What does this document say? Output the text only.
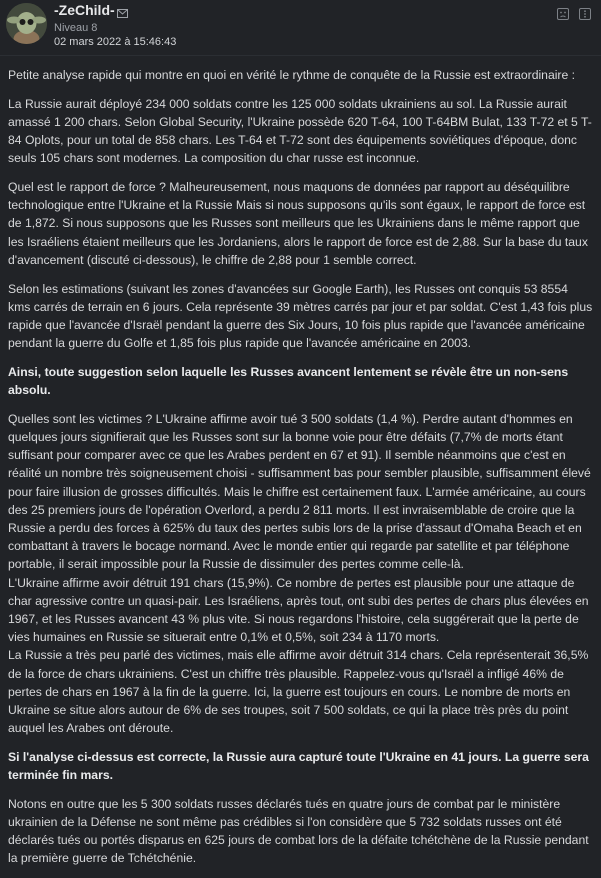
-ZeChild-
Niveau 8
02 mars 2022 à 15:46:43

Petite analyse rapide qui montre en quoi en vérité le rythme de conquête de la Russie est extraordinaire :

La Russie aurait déployé 234 000 soldats contre les 125 000 soldats ukrainiens au sol. La Russie aurait amassé 1 200 chars. Selon Global Security, l'Ukraine possède 620 T-64, 100 T-64BM Bulat, 133 T-72 et 5 T-84 Oplots, pour un total de 858 chars. Les T-64 et T-72 sont des équipements soviétiques d'époque, donc seuls 105 chars sont modernes. La composition du char russe est inconnue.

Quel est le rapport de force ? Malheureusement, nous maquons de données par rapport au déséquilibre technologique entre l'Ukraine et la Russie Mais si nous supposons qu'ils sont égaux, le rapport de force est de 1,872. Si nous supposons que les Russes sont meilleurs que les Ukrainiens dans le même rapport que les Israéliens étaient meilleurs que les Jordaniens, alors le rapport de force est de 2,88. Sur la base du taux d'avancement (discuté ci-dessous), le chiffre de 2,88 pour 1 semble correct.

Selon les estimations (suivant les zones d'avancées sur Google Earth), les Russes ont conquis 53 8554 kms carrés de terrain en 6 jours. Cela représente 39 mètres carrés par jour et par soldat. C'est 1,43 fois plus rapide que l'avancée d'Israël pendant la guerre des Six Jours, 10 fois plus rapide que l'avancée américaine pendant la guerre du Golfe et 1,85 fois plus rapide que l'avancée américaine en 2003.

Ainsi, toute suggestion selon laquelle les Russes avancent lentement se révèle être un non-sens absolu.

Quelles sont les victimes ? L'Ukraine affirme avoir tué 3 500 soldats (1,4 %). Perdre autant d'hommes en quelques jours signifierait que les Russes sont sur la bonne voie pour être défaits (7,7% de morts étant suffisant pour comparer avec ce que les Arabes perdent en 67 et 91). Il semble néanmoins que c'est en réalité un nombre très soigneusement choisi - suffisamment bas pour sembler plausible, suffisamment élevé pour faire illusion de grosses difficultés. Mais le chiffre est certainement faux. L'armée américaine, au cours des 25 premiers jours de l'opération Overlord, a perdu 2 811 morts. Il est invraisemblable de croire que la Russie a perdu des forces à 625% du taux des pertes subis lors de la prise d'assaut d'Omaha Beach et en combattant à travers le bocage normand. Avec le monde entier qui regarde par satellite et par téléphone portable, il serait impossible pour la Russie de dissimuler des pertes comme celle-là.

L'Ukraine affirme avoir détruit 191 chars (15,9%). Ce nombre de pertes est plausible pour une attaque de char agressive contre un quasi-pair. Les Israéliens, après tout, ont subi des pertes de chars plus élevées en 1967, et les Russes avancent 43 % plus vite. Si nous regardons l'histoire, cela suggérerait que la perte de vies humaines en Russie se situerait entre 0,1% et 0,5%, soit 234 à 1170 morts.

La Russie a très peu parlé des victimes, mais elle affirme avoir détruit 314 chars. Cela représenterait 36,5% de la force de chars ukrainiens. C'est un chiffre très plausible. Rappelez-vous qu'Israël a infligé 46% de pertes de chars en 1967 à la fin de la guerre. Ici, la guerre est toujours en cours. Le nombre de morts en Ukraine se situe alors autour de 6% de ses troupes, soit 7 500 soldats, ce qui la place très près du point auquel les Arabes ont déroute.

Si l'analyse ci-dessus est correcte, la Russie aura capturé toute l'Ukraine en 41 jours. La guerre sera terminée fin mars.

Notons en outre que les 5 300 soldats russes déclarés tués en quatre jours de combat par le ministère ukrainien de la Défense ne sont même pas crédibles si l'on considère que 5 732 soldats russes ont été déclarés tués ou portés disparus en 625 jours de combat lors de la défaite tchétchène de la Russie pendant la première guerre de Tchétchénie.
